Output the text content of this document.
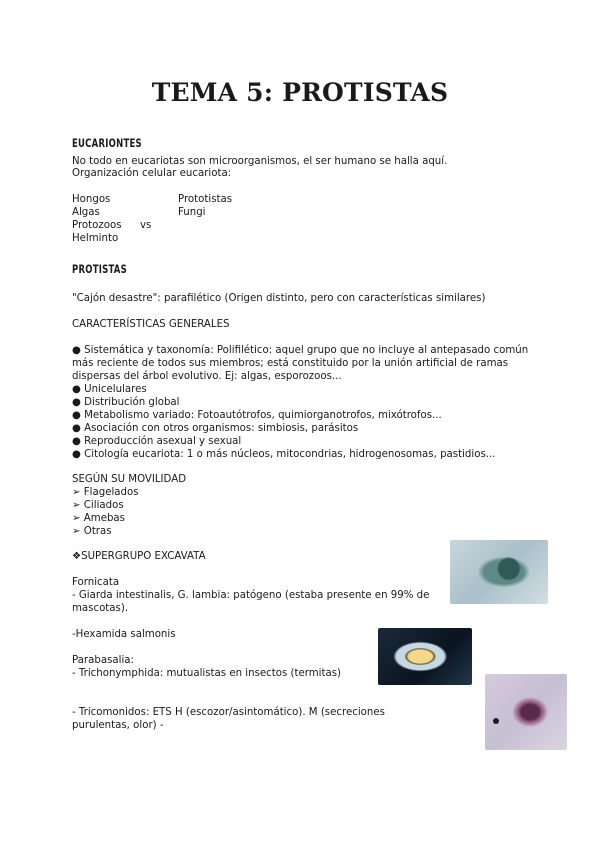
TEMA 5: PROTISTAS
EUCARIONTES
No todo en eucariotas son microorganismos, el ser humano se halla aquí.
Organización celular eucariota:
Hongos	Prototistas
Algas	Fungi
Protozoos vs
Helminto
PROTISTAS
"Cajón desastre": parafilético (Origen distinto, pero con características similares)
CARACTERÍSTICAS GENERALES
● Sistemática y taxonomía: Polifilético: aquel grupo que no incluye al antepasado común más reciente de todos sus miembros; está constituido por la unión artificial de ramas dispersas del árbol evolutivo. Ej: algas, esporozoos...
● Unicelulares
● Distribución global
● Metabolismo variado: Fotoautótrofos, quimiorganotrofos, mixótrofos...
● Asociación con otros organismos: simbiosis, parásitos
● Reproducción asexual y sexual
● Citología eucariota: 1 o más núcleos, mitocondrias, hidrogenosomas, pastidios...
SEGÚN SU MOVILIDAD
➢ Flagelados
➢ Ciliados
➢ Amebas
➢ Otras
❖SUPERGRUPO EXCAVATA
Fornicata
- Giarda intestinalis, G. lambia: patógeno (estaba presente en 99% de mascotas).
-Hexamida salmonis
Parabasalia:
- Trichonymphida: mutualistas en insectos (termitas)
- Tricomonidos: ETS H (escozor/asintomático). M (secreciones purulentas, olor) -
